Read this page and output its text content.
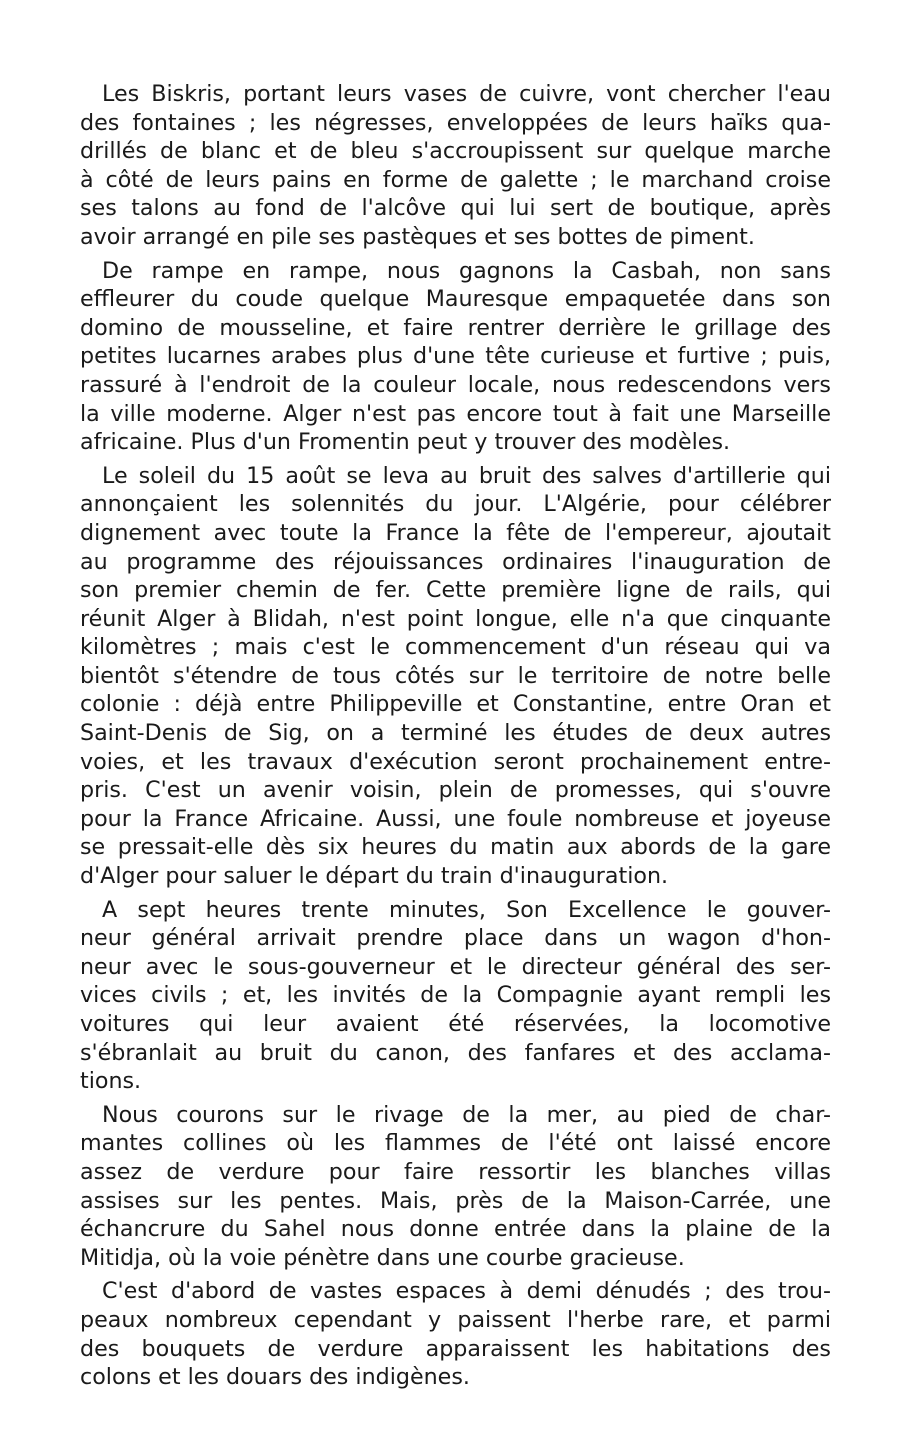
Les Biskris, portant leurs vases de cuivre, vont chercher l'eau
des fontaines ; les négresses, enveloppées de leurs haïks qua-
drillés de blanc et de bleu s'accroupissent sur quelque marche
à côté de leurs pains en forme de galette ; le marchand croise
ses talons au fond de l'alcôve qui lui sert de boutique, après
avoir arrangé en pile ses pastèques et ses bottes de piment.
De rampe en rampe, nous gagnons la Casbah, non sans
effleurer du coude quelque Mauresque empaquetée dans son
domino de mousseline, et faire rentrer derrière le grillage des
petites lucarnes arabes plus d'une tête curieuse et furtive ; puis,
rassuré à l'endroit de la couleur locale, nous redescendons vers
la ville moderne. Alger n'est pas encore tout à fait une Marseille
africaine. Plus d'un Fromentin peut y trouver des modèles.
Le soleil du 15 août se leva au bruit des salves d'artillerie qui
annonçaient les solennités du jour. L'Algérie, pour célébrer
dignement avec toute la France la fête de l'empereur, ajoutait
au programme des réjouissances ordinaires l'inauguration de
son premier chemin de fer. Cette première ligne de rails, qui
réunit Alger à Blidah, n'est point longue, elle n'a que cinquante
kilomètres ; mais c'est le commencement d'un réseau qui va
bientôt s'étendre de tous côtés sur le territoire de notre belle
colonie : déjà entre Philippeville et Constantine, entre Oran et
Saint-Denis de Sig, on a terminé les études de deux autres
voies, et les travaux d'exécution seront prochainement entre-
pris. C'est un avenir voisin, plein de promesses, qui s'ouvre
pour la France Africaine. Aussi, une foule nombreuse et joyeuse
se pressait-elle dès six heures du matin aux abords de la gare
d'Alger pour saluer le départ du train d'inauguration.
A sept heures trente minutes, Son Excellence le gouver-
neur général arrivait prendre place dans un wagon d'hon-
neur avec le sous-gouverneur et le directeur général des ser-
vices civils ; et, les invités de la Compagnie ayant rempli les
voitures qui leur avaient été réservées, la locomotive
s'ébranlait au bruit du canon, des fanfares et des acclama-
tions.
Nous courons sur le rivage de la mer, au pied de char-
mantes collines où les flammes de l'été ont laissé encore
assez de verdure pour faire ressortir les blanches villas
assises sur les pentes. Mais, près de la Maison-Carrée, une
échancrure du Sahel nous donne entrée dans la plaine de la
Mitidja, où la voie pénètre dans une courbe gracieuse.
C'est d'abord de vastes espaces à demi dénudés ; des trou-
peaux nombreux cependant y paissent l'herbe rare, et parmi
des bouquets de verdure apparaissent les habitations des
colons et les douars des indigènes.
